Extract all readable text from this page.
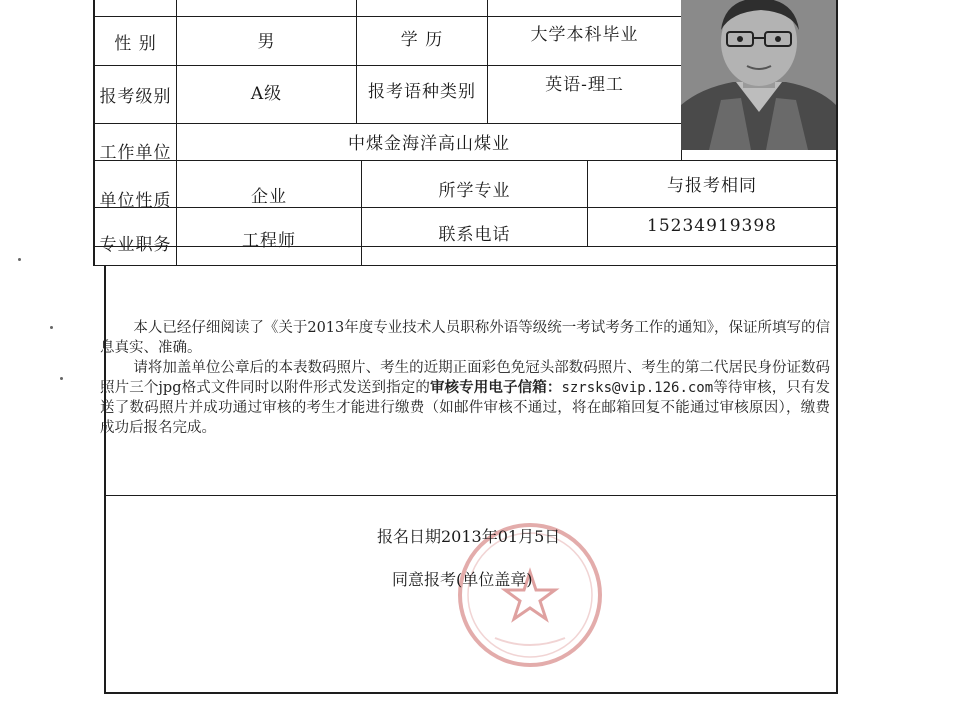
性 别	男	学 历	大学本科毕业
报考级别	A级	报考语种类别	英语-理工
工作单位	中煤金海洋高山煤业
单位性质	企业	所学专业	与报考相同
专业职务	工程师	联系电话	15234919398

本人已经仔细阅读了《关于2013年度专业技术人员职称外语等级统一考试考务工作的通知》，保证所填写的信息真实、准确。

请将加盖单位公章后的本表数码照片、考生的近期正面彩色免冠头部数码照片、考生的第二代居民身份证数码照片三个jpg格式文件同时以附件形式发送到指定的审核专用电子信箱：szrsks@vip.126.com等待审核，只有发送了数码照片并成功通过审核的考生才能进行缴费（如邮件审核不通过，将在邮箱回复不能通过审核原因），缴费成功后报名完成。

报名日期2013年01月5日
同意报考(单位盖章)
